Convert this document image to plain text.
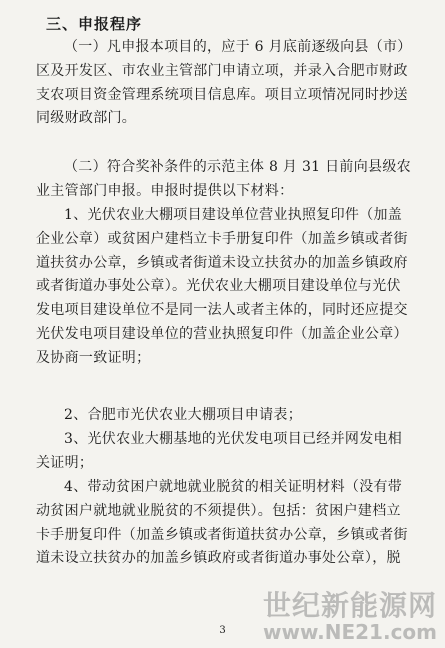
三、申报程序
（一）凡申报本项目的，应于 6 月底前逐级向县（市）
区及开发区、市农业主管部门申请立项，并录入合肥市财政
支农项目资金管理系统项目信息库。项目立项情况同时抄送
同级财政部门。
（二）符合奖补条件的示范主体 8 月 31 日前向县级农
业主管部门申报。申报时提供以下材料：
1、光伏农业大棚项目建设单位营业执照复印件（加盖
企业公章）或贫困户建档立卡手册复印件（加盖乡镇或者街
道扶贫办公章，乡镇或者街道未设立扶贫办的加盖乡镇政府
或者街道办事处公章）。光伏农业大棚项目建设单位与光伏
发电项目建设单位不是同一法人或者主体的，同时还应提交
光伏发电项目建设单位的营业执照复印件（加盖企业公章）
及协商一致证明；
2、合肥市光伏农业大棚项目申请表；
3、光伏农业大棚基地的光伏发电项目已经并网发电相
关证明；
4、带动贫困户就地就业脱贫的相关证明材料（没有带
动贫困户就地就业脱贫的不须提供）。包括：贫困户建档立
卡手册复印件（加盖乡镇或者街道扶贫办公章，乡镇或者街
道未设立扶贫办的加盖乡镇政府或者街道办事处公章），脱
世纪新能源网
www.NE21.com
3
